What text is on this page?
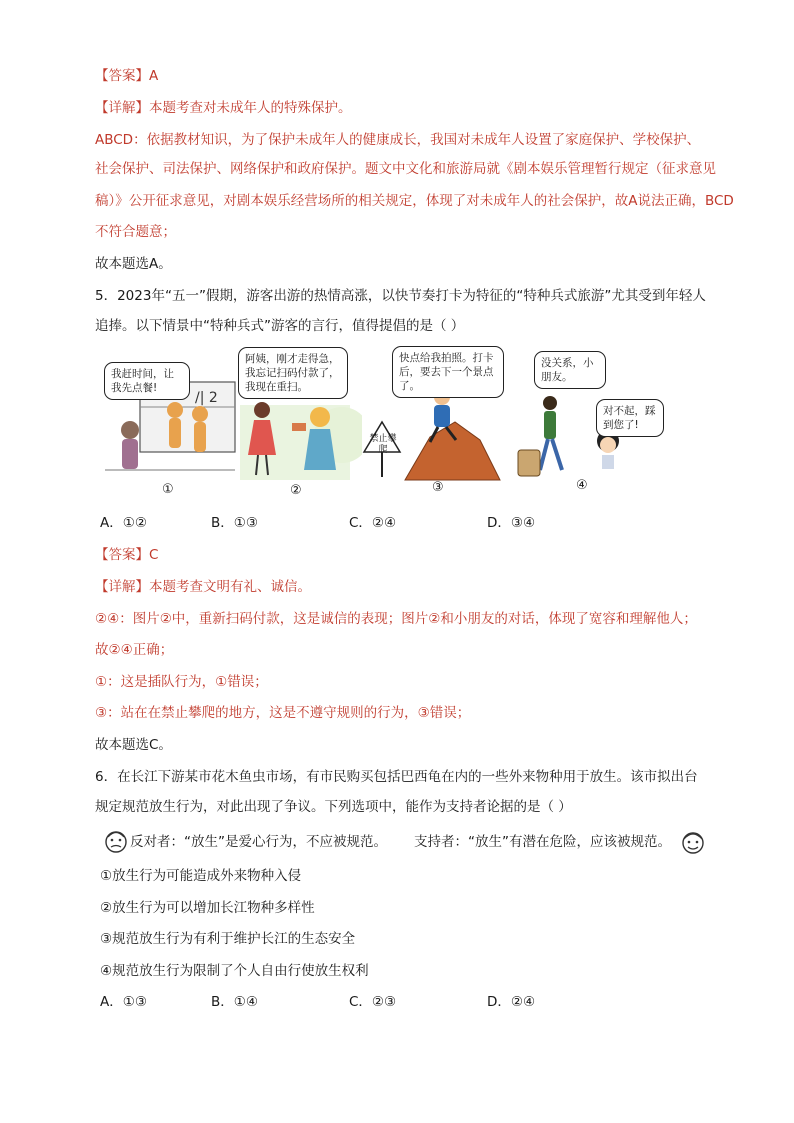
【答案】A
【详解】本题考查对未成年人的特殊保护。
ABCD：依据教材知识，为了保护未成年人的健康成长，我国对未成年人设置了家庭保护、学校保护、
社会保护、司法保护、网络保护和政府保护。题文中文化和旅游局就《剧本娱乐管理暂行规定（征求意见
稿）》公开征求意见，对剧本娱乐经营场所的相关规定，体现了对未成年人的社会保护，故A说法正确，BCD
不符合题意；
故本题选A。
5．2023年“五一”假期，游客出游的热情高涨，以快节奏打卡为特征的“特种兵式旅游”尤其受到年轻人
追捧。以下情景中“特种兵式”游客的言行，值得提倡的是（ ）
/| 2
我赶时间，让我先点餐!
①
阿姨，刚才走得急，我忘记扫码付款了，我现在重扫。
②
禁止攀爬
快点给我拍照。打卡后，要去下一个景点了。
③
没关系，小朋友。
对不起，踩到您了!
④
A．①②	B．①③	C．②④	D．③④
【答案】C
【详解】本题考查文明有礼、诚信。
②④：图片②中，重新扫码付款，这是诚信的表现；图片②和小朋友的对话，体现了宽容和理解他人；
故②④正确；
①：这是插队行为，①错误；
③：站在在禁止攀爬的地方，这是不遵守规则的行为，③错误；
故本题选C。
6．在长江下游某市花木鱼虫市场，有市民购买包括巴西龟在内的一些外来物种用于放生。该市拟出台
规定规范放生行为，对此出现了争议。下列选项中，能作为支持者论据的是（ ）
反对者：“放生”是爱心行为，不应被规范。 支持者：“放生”有潜在危险，应该被规范。
①放生行为可能造成外来物种入侵
②放生行为可以增加长江物种多样性
③规范放生行为有利于维护长江的生态安全
④规范放生行为限制了个人自由行使放生权利
A．①③	B．①④	C．②③	D．②④
